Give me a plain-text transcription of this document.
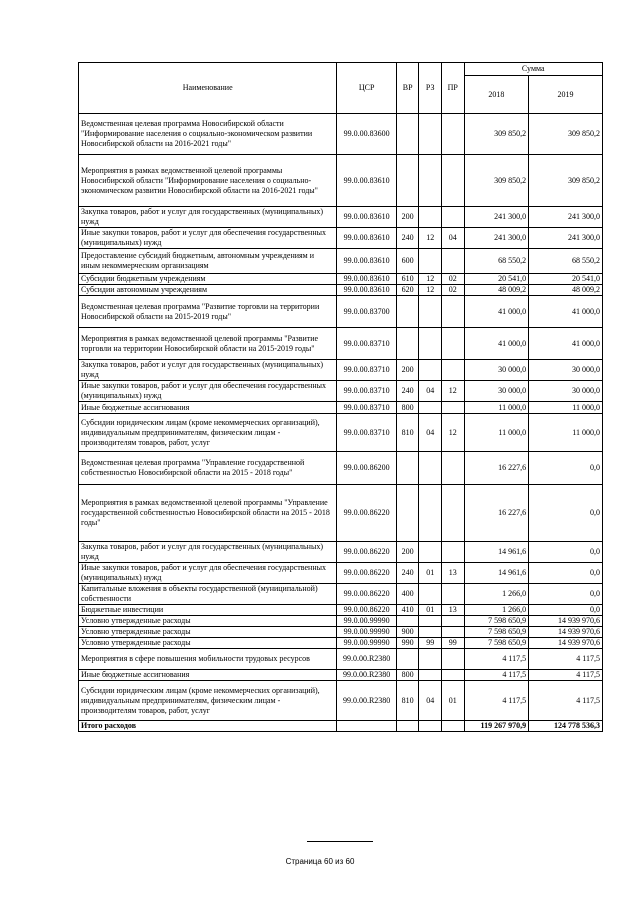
Наименование	ЦСР	ВР	РЗ	ПР	Сумма	
					2018	2019
Ведомственная целевая программа Новосибирской области "Информирование населения о социально-экономическом развитии Новосибирской области на 2016-2021 годы"	99.0.00.83600				309 850,2	309 850,2
Мероприятия в рамках ведомственной целевой программы Новосибирской области "Информирование населения о социально-экономическом развитии Новосибирской области на 2016-2021 годы"	99.0.00.83610				309 850,2	309 850,2
Закупка товаров, работ и услуг для государственных (муниципальных) нужд	99.0.00.83610	200			241 300,0	241 300,0
Иные закупки товаров, работ и услуг для обеспечения государственных (муниципальных) нужд	99.0.00.83610	240	12	04	241 300,0	241 300,0
Предоставление субсидий бюджетным, автономным учреждениям и иным некоммерческим организациям	99.0.00.83610	600			68 550,2	68 550,2
Субсидии бюджетным учреждениям	99.0.00.83610	610	12	02	20 541,0	20 541,0
Субсидии автономным учреждениям	99.0.00.83610	620	12	02	48 009,2	48 009,2
Ведомственная целевая программа "Развитие торговли на территории Новосибирской области на 2015-2019 годы"	99.0.00.83700				41 000,0	41 000,0
Мероприятия в рамках ведомственной целевой программы "Развитие торговли на территории Новосибирской области на 2015-2019 годы"	99.0.00.83710				41 000,0	41 000,0
Закупка товаров, работ и услуг для государственных (муниципальных) нужд	99.0.00.83710	200			30 000,0	30 000,0
Иные закупки товаров, работ и услуг для обеспечения государственных (муниципальных) нужд	99.0.00.83710	240	04	12	30 000,0	30 000,0
Иные бюджетные ассигнования	99.0.00.83710	800			11 000,0	11 000,0
Субсидии юридическим лицам (кроме некоммерческих организаций), индивидуальным предпринимателям, физическим лицам - производителям товаров, работ, услуг	99.0.00.83710	810	04	12	11 000,0	11 000,0
Ведомственная целевая программа "Управление государственной собственностью Новосибирской области на 2015 - 2018 годы"	99.0.00.86200				16 227,6	0,0
Мероприятия в рамках ведомственной целевой программы "Управление государственной собственностью Новосибирской области на 2015 - 2018 годы"	99.0.00.86220				16 227,6	0,0
Закупка товаров, работ и услуг для государственных (муниципальных) нужд	99.0.00.86220	200			14 961,6	0,0
Иные закупки товаров, работ и услуг для обеспечения государственных (муниципальных) нужд	99.0.00.86220	240	01	13	14 961,6	0,0
Капитальные вложения в объекты государственной (муниципальной) собственности	99.0.00.86220	400			1 266,0	0,0
Бюджетные инвестиции	99.0.00.86220	410	01	13	1 266,0	0,0
Условно утвержденные расходы	99.0.00.99990				7 598 650,9	14 939 970,6
Условно утвержденные расходы	99.0.00.99990	900			7 598 650,9	14 939 970,6
Условно утвержденные расходы	99.0.00.99990	990	99	99	7 598 650,9	14 939 970,6
Мероприятия в сфере повышения мобильности трудовых ресурсов	99.0.00.R2380				4 117,5	4 117,5
Иные бюджетные ассигнования	99.0.00.R2380	800			4 117,5	4 117,5
Субсидии юридическим лицам (кроме некоммерческих организаций), индивидуальным предпринимателям, физическим лицам - производителям товаров, работ, услуг	99.0.00.R2380	810	04	01	4 117,5	4 117,5
Итого расходов					119 267 970,9	124 778 536,3
Страница 60 из 60
